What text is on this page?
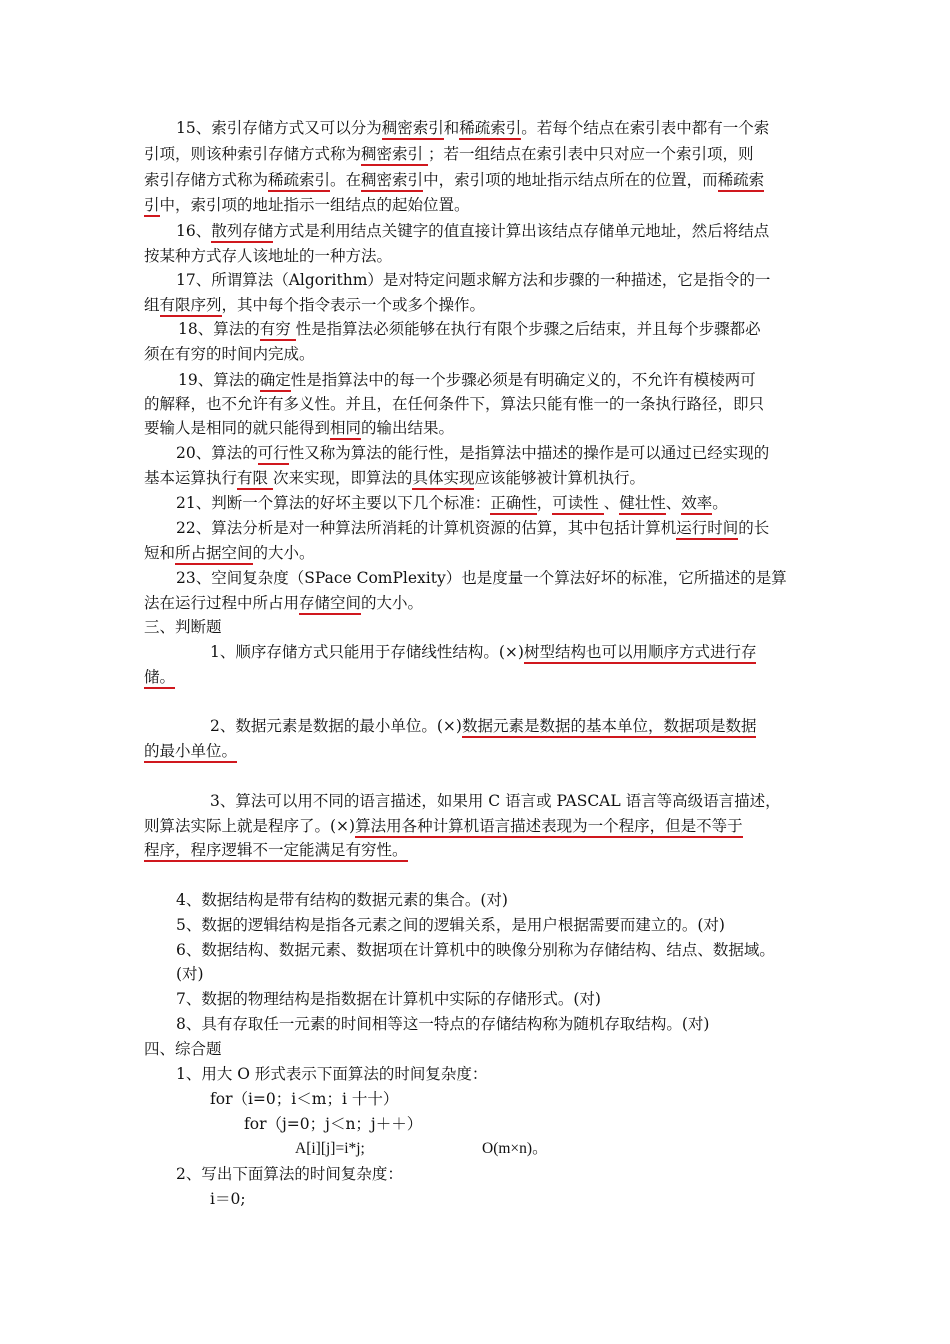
15、索引存储方式又可以分为稠密索引和稀疏索引。若每个结点在索引表中都有一个索
引项，则该种索引存储方式称为稠密索引 ；若一组结点在索引表中只对应一个索引项，则
索引存储方式称为稀疏索引。在稠密索引中，索引项的地址指示结点所在的位置，而稀疏索
引中，索引项的地址指示一组结点的起始位置。
16、散列存储方式是利用结点关键字的值直接计算出该结点存储单元地址，然后将结点
按某种方式存人该地址的一种方法。
17、所谓算法（Algorithm）是对特定问题求解方法和步骤的一种描述，它是指令的一
组有限序列，其中每个指令表示一个或多个操作。
18、算法的有穷 性是指算法必须能够在执行有限个步骤之后结束，并且每个步骤都必
须在有穷的时间内完成。
19、算法的确定性是指算法中的每一个步骤必须是有明确定义的，不允许有模棱两可
的解释，也不允许有多义性。并且，在任何条件下，算法只能有惟一的一条执行路径，即只
要输人是相同的就只能得到相同的输出结果。
20、算法的可行性又称为算法的能行性，是指算法中描述的操作是可以通过已经实现的
基本运算执行有限 次来实现，即算法的具体实现应该能够被计算机执行。
21、判断一个算法的好坏主要以下几个标准：正确性，可读性 、健壮性、效率。
22、算法分析是对一种算法所消耗的计算机资源的估算，其中包括计算机运行时间的长
短和所占据空间的大小。
23、空间复杂度（SPace ComPlexity）也是度量一个算法好坏的标准，它所描述的是算
法在运行过程中所占用存储空间的大小。
三、判断题
1、顺序存储方式只能用于存储线性结构。(×)树型结构也可以用顺序方式进行存
储。
2、数据元素是数据的最小单位。(×)数据元素是数据的基本单位，数据项是数据
的最小单位。
3、算法可以用不同的语言描述，如果用 C 语言或 PASCAL 语言等高级语言描述，
则算法实际上就是程序了。(×)算法用各种计算机语言描述表现为一个程序，但是不等于
程序，程序逻辑不一定能满足有穷性。
4、数据结构是带有结构的数据元素的集合。(对)
5、数据的逻辑结构是指各元素之间的逻辑关系，是用户根据需要而建立的。(对)
6、数据结构、数据元素、数据项在计算机中的映像分别称为存储结构、结点、数据域。
(对)
7、数据的物理结构是指数据在计算机中实际的存储形式。(对)
8、具有存取任一元素的时间相等这一特点的存储结构称为随机存取结构。(对)
四、综合题
1、用大 O 形式表示下面算法的时间复杂度：
for（i=0；i＜m；i 十十）
for（j=0；j＜n；j＋＋）
A[i][j]=i*j;	O(m×n)。
2、写出下面算法的时间复杂度：
i＝0;
